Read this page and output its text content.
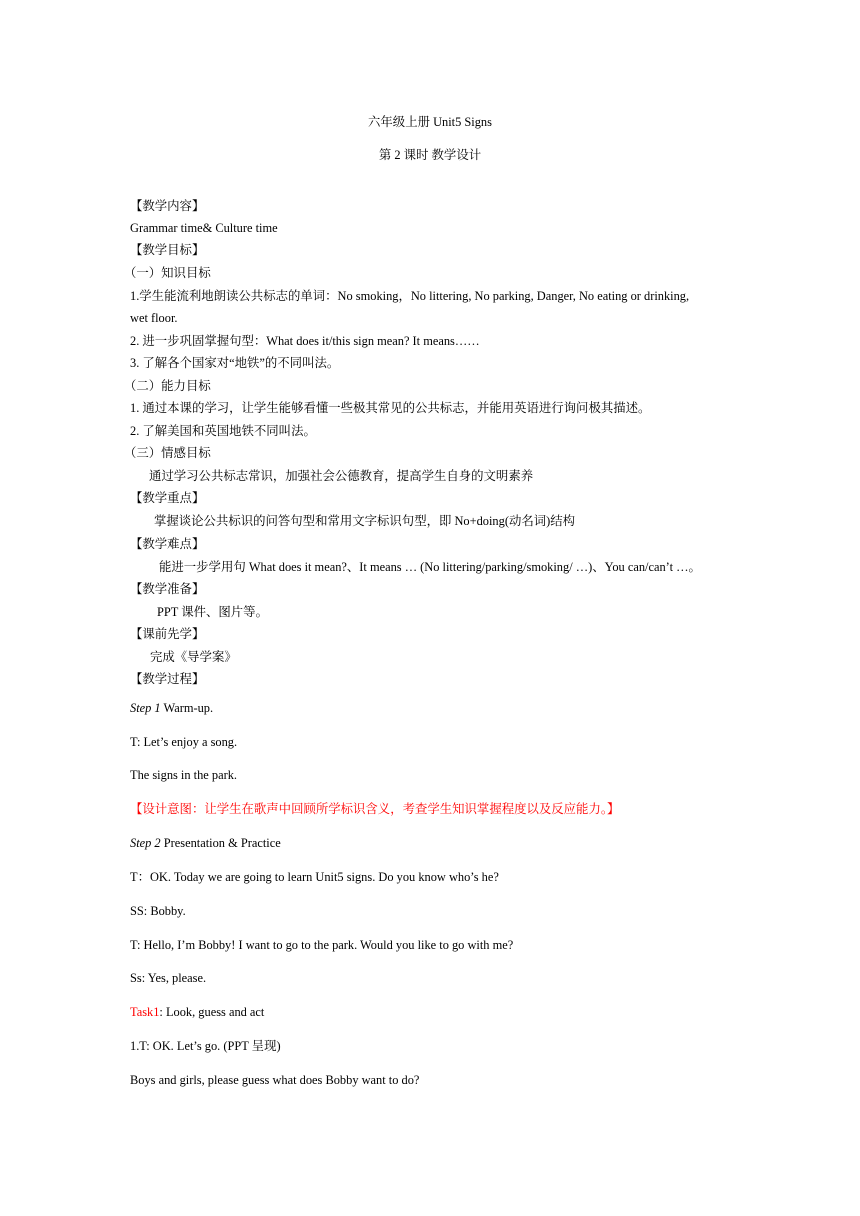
六年级上册 Unit5 Signs
第 2 课时 教学设计
【教学内容】
Grammar time& Culture time
【教学目标】
（一）知识目标
1.学生能流利地朗读公共标志的单词：No smoking，No littering, No parking, Danger, No eating or drinking,
wet floor.
2. 进一步巩固掌握句型：What does it/this sign mean? It means……
3. 了解各个国家对“地铁”的不同叫法。
（二）能力目标
1. 通过本课的学习，让学生能够看懂一些极其常见的公共标志，并能用英语进行询问极其描述。
2. 了解美国和英国地铁不同叫法。
（三）情感目标
通过学习公共标志常识，加强社会公德教育，提高学生自身的文明素养
【教学重点】
掌握谈论公共标识的问答句型和常用文字标识句型，即 No+doing(动名词)结构
【教学难点】
能进一步学用句 What does it mean?、It means … (No littering/parking/smoking/ …)、You can/can’t …。
【教学准备】
PPT 课件、图片等。
【课前先学】
完成《导学案》
【教学过程】
Step 1 Warm-up.
T: Let’s enjoy a song.
The signs in the park.
【设计意图：让学生在歌声中回顾所学标识含义，考查学生知识掌握程度以及反应能力。】
Step 2 Presentation & Practice
T：OK. Today we are going to learn Unit5 signs. Do you know who’s he?
SS: Bobby.
T: Hello, I’m Bobby! I want to go to the park. Would you like to go with me?
Ss: Yes, please.
Task1: Look, guess and act
1.T: OK. Let’s go. (PPT 呈现)
Boys and girls, please guess what does Bobby want to do?
